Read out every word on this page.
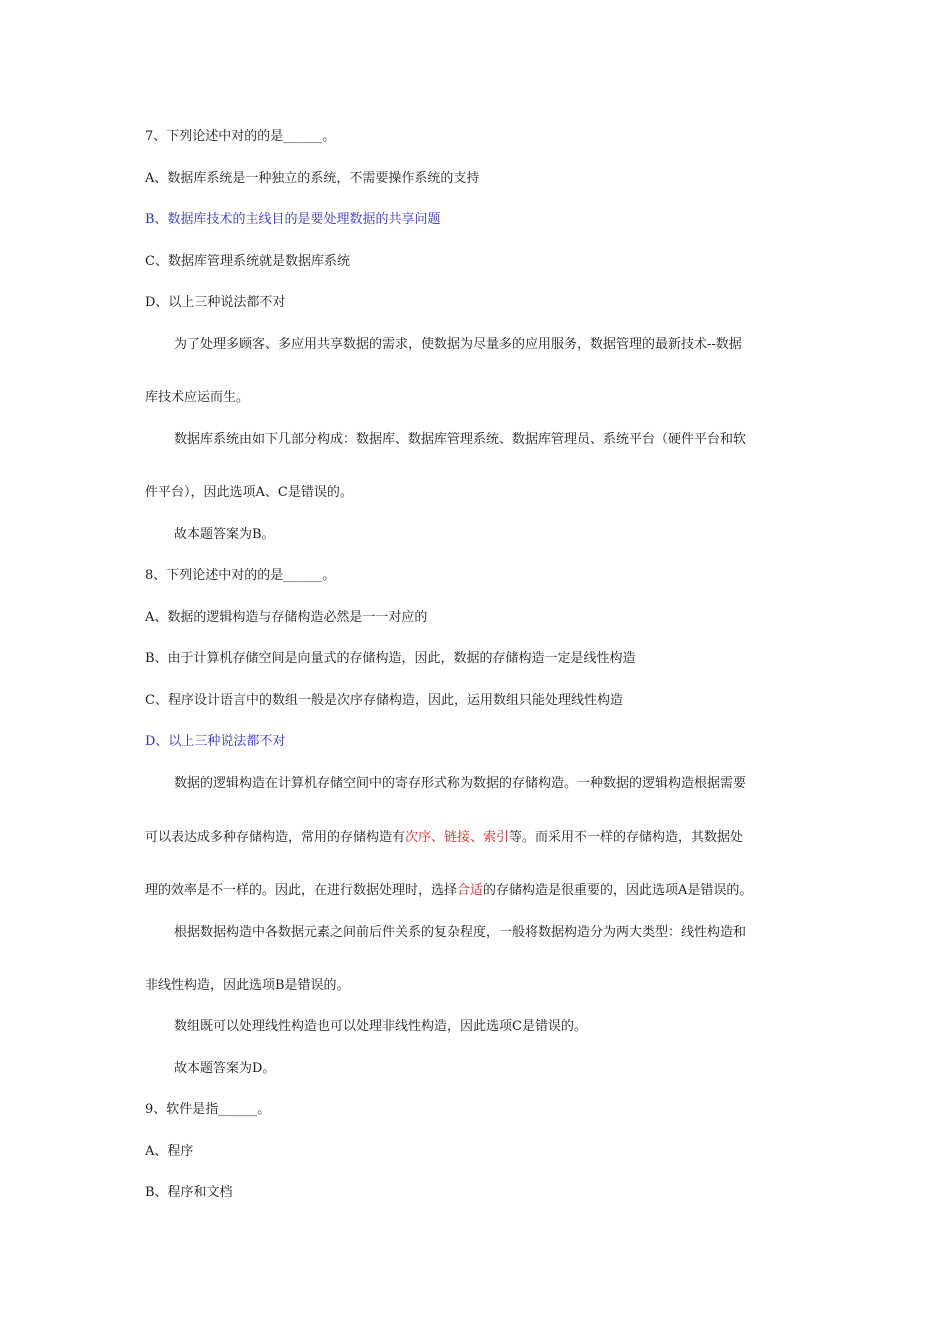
7、下列论述中对的的是______。
A、数据库系统是一种独立的系统，不需要操作系统的支持
B、数据库技术的主线目的是要处理数据的共享问题
C、数据库管理系统就是数据库系统
D、以上三种说法都不对
为了处理多顾客、多应用共享数据的需求，使数据为尽量多的应用服务，数据管理的最新技术--数据
库技术应运而生。
数据库系统由如下几部分构成：数据库、数据库管理系统、数据库管理员、系统平台（硬件平台和软
件平台），因此选项A、C是错误的。
故本题答案为B。
8、下列论述中对的的是______。
A、数据的逻辑构造与存储构造必然是一一对应的
B、由于计算机存储空间是向量式的存储构造，因此，数据的存储构造一定是线性构造
C、程序设计语言中的数组一般是次序存储构造，因此，运用数组只能处理线性构造
D、以上三种说法都不对
数据的逻辑构造在计算机存储空间中的寄存形式称为数据的存储构造。一种数据的逻辑构造根据需要
可以表达成多种存储构造，常用的存储构造有次序、链接、索引等。而采用不一样的存储构造，其数据处
理的效率是不一样的。因此，在进行数据处理时，选择合适的存储构造是很重要的，因此选项A是错误的。
根据数据构造中各数据元素之间前后件关系的复杂程度，一般将数据构造分为两大类型：线性构造和
非线性构造，因此选项B是错误的。
数组既可以处理线性构造也可以处理非线性构造，因此选项C是错误的。
故本题答案为D。
9、软件是指______。
A、程序
B、程序和文档
